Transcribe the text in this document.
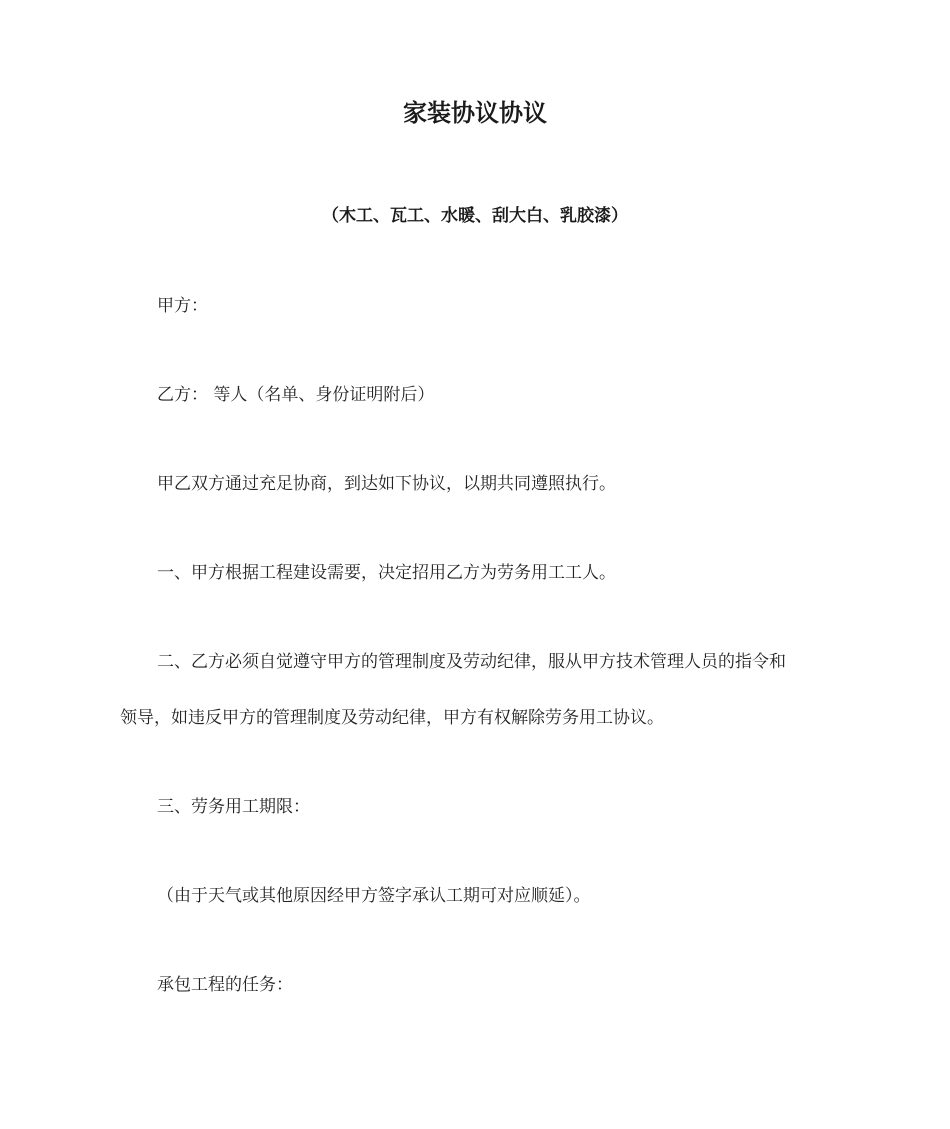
家装协议协议
（木工、瓦工、水暖、刮大白、乳胶漆）
甲方：
乙方： 等人（名单、身份证明附后）
甲乙双方通过充足协商，到达如下协议，以期共同遵照执行。
一、甲方根据工程建设需要，决定招用乙方为劳务用工工人。
二、乙方必须自觉遵守甲方的管理制度及劳动纪律，服从甲方技术管理人员的指令和
领导，如违反甲方的管理制度及劳动纪律，甲方有权解除劳务用工协议。
三、劳务用工期限：
（由于天气或其他原因经甲方签字承认工期可对应顺延）。
承包工程的任务：
